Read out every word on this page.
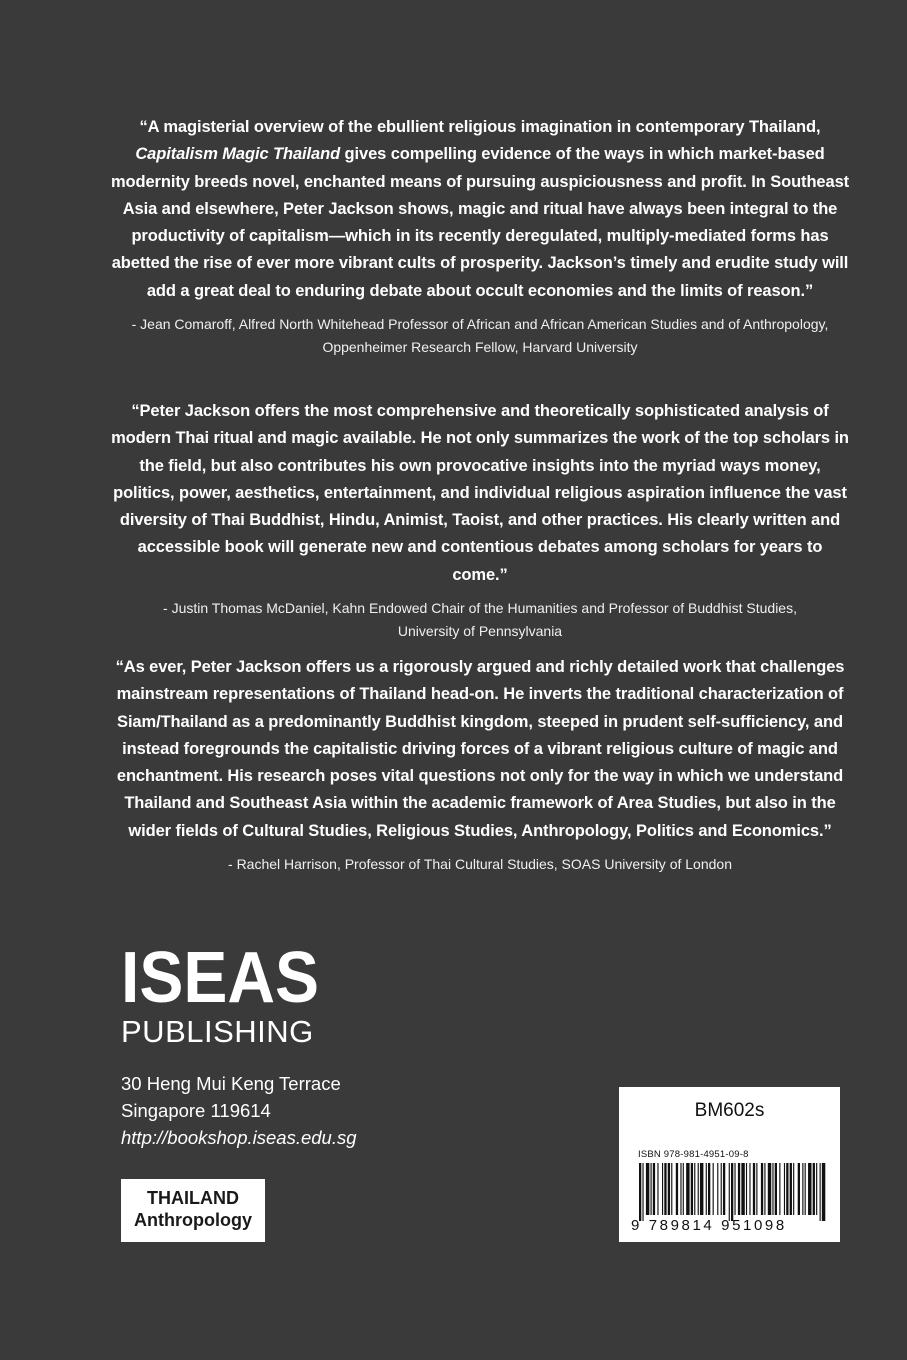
“A magisterial overview of the ebullient religious imagination in contemporary Thailand,
Capitalism Magic Thailand gives compelling evidence of the ways in which market-based modernity breeds novel, enchanted means of pursuing auspiciousness and profit. In Southeast Asia and elsewhere, Peter Jackson shows, magic and ritual have always been integral to the productivity of capitalism—which in its recently deregulated, multiply-mediated forms has abetted the rise of ever more vibrant cults of prosperity. Jackson’s timely and erudite study will add a great deal to enduring debate about occult economies and the limits of reason.”

- Jean Comaroff, Alfred North Whitehead Professor of African and African American Studies and of Anthropology,
Oppenheimer Research Fellow, Harvard University

“Peter Jackson offers the most comprehensive and theoretically sophisticated analysis of modern Thai ritual and magic available. He not only summarizes the work of the top scholars in the field, but also contributes his own provocative insights into the myriad ways money, politics, power, aesthetics, entertainment, and individual religious aspiration influence the vast diversity of Thai Buddhist, Hindu, Animist, Taoist, and other practices. His clearly written and accessible book will generate new and contentious debates among scholars for years to come.”

- Justin Thomas McDaniel, Kahn Endowed Chair of the Humanities and Professor of Buddhist Studies,
University of Pennsylvania

“As ever, Peter Jackson offers us a rigorously argued and richly detailed work that challenges mainstream representations of Thailand head-on. He inverts the traditional characterization of Siam/Thailand as a predominantly Buddhist kingdom, steeped in prudent self-sufficiency, and instead foregrounds the capitalistic driving forces of a vibrant religious culture of magic and enchantment. His research poses vital questions not only for the way in which we understand Thailand and Southeast Asia within the academic framework of Area Studies, but also in the wider fields of Cultural Studies, Religious Studies, Anthropology, Politics and Economics.”

- Rachel Harrison, Professor of Thai Cultural Studies, SOAS University of London

ISEAS
PUBLISHING
30 Heng Mui Keng Terrace
Singapore 119614
http://bookshop.iseas.edu.sg
THAILAND
Anthropology
BM602s
ISBN 978-981-4951-09-8
9 789814 951098
